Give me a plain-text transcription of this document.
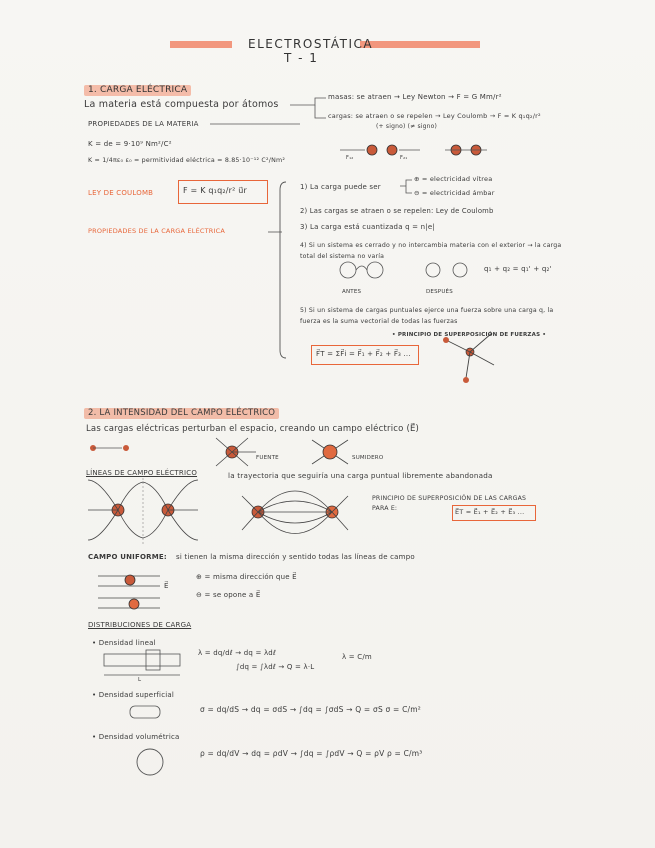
ELECTROSTÁTICA
T - 1
1. CARGA ELÉCTRICA
La materia está compuesta por átomos
PROPIEDADES DE LA MATERIA
masas: se atraen → Ley Newton → F = G Mm/r²
cargas: se atraen o se repelen → Ley Coulomb → F = K q₁q₂/r²
(+ signo) (≠ signo)
K = de = 9·10⁹ Nm²/C²
K = 1/4πε₀ ε₀ = permitividad eléctrica = 8.85·10⁻¹² C²/Nm²	F₁₂	F₂₁
LEY DE COULOMB	F = K q₁q₂/r² u⃗r
PROPIEDADES DE LA CARGA ELÉCTRICA
1) La carga puede ser
⊕ = electricidad vítrea
⊖ = electricidad ámbar
2) Las cargas se atraen o se repelen: Ley de Coulomb
3) La carga está cuantizada q = n|e|
4) Si un sistema es cerrado y no intercambia materia con el exterior → la carga total del sistema no varía
ANTES	DESPUÉS
q₁ + q₂ = q₁' + q₂'
5) Si un sistema de cargas puntuales ejerce una fuerza sobre una carga q, la fuerza es la suma vectorial de todas las fuerzas
• PRINCIPIO DE SUPERPOSICIÓN DE FUERZAS •
F⃗T = ΣF⃗i = F⃗₁ + F⃗₂ + F⃗₃ ...
2. LA INTENSIDAD DEL CAMPO ELÉCTRICO
Las cargas eléctricas perturban el espacio, creando un campo eléctrico (E⃗)
FUENTE	SUMIDERO
LÍNEAS DE CAMPO ELÉCTRICO	la trayectoria que seguiría una carga puntual libremente abandonada
PRINCIPIO DE SUPERPOSICIÓN DE LAS CARGAS PARA E:	E⃗T = E⃗₁ + E⃗₂ + E⃗₃ ...
CAMPO UNIFORME: si tienen la misma dirección y sentido todas las líneas de campo
⊕ = misma dirección que E⃗
⊖ = se opone a E⃗
E⃗
DISTRIBUCIONES DE CARGA
• Densidad lineal
λ = dq/dℓ → dq = λdℓ
∫dq = ∫λdℓ → Q = λ·L
λ = C/m
L
• Densidad superficial
σ = dq/dS → dq = σdS → ∫dq = ∫σdS → Q = σS σ = C/m²
• Densidad volumétrica
ρ = dq/dV → dq = ρdV → ∫dq = ∫ρdV → Q = ρV ρ = C/m³
